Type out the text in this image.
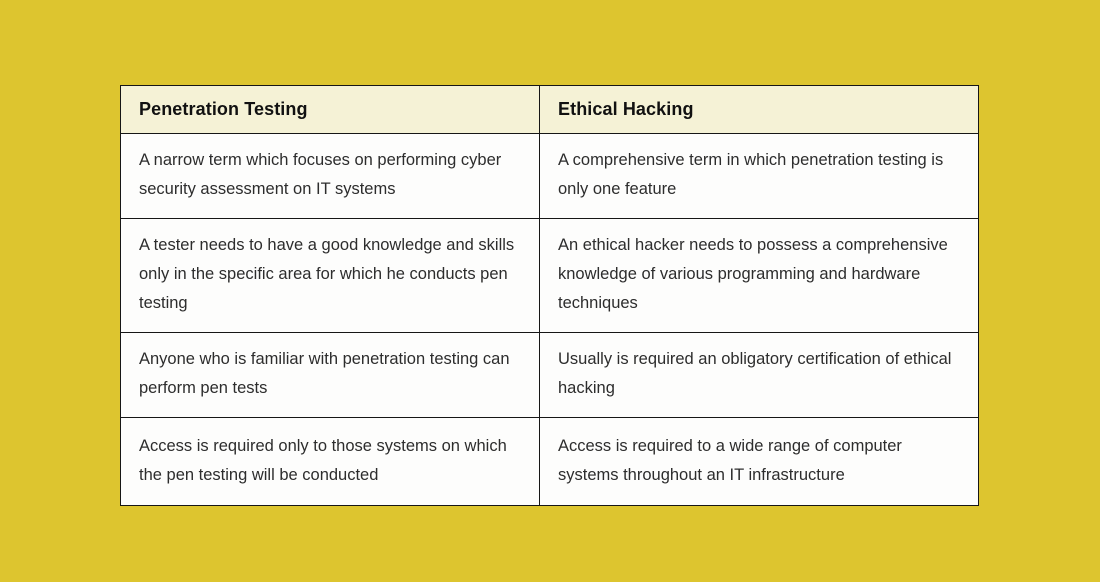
Penetration Testing	Ethical Hacking
A narrow term which focuses on performing cyber security assessment on IT systems	A comprehensive term in which penetration testing is only one feature
A tester needs to have a good knowledge and skills only in the specific area for which he conducts pen testing	An ethical hacker needs to possess a comprehensive knowledge of various programming and hardware techniques
Anyone who is familiar with penetration testing can perform pen tests	Usually is required an obligatory certification of ethical hacking
Access is required only to those systems on which the pen testing will be conducted	Access is required to a wide range of computer systems throughout an IT infrastructure
